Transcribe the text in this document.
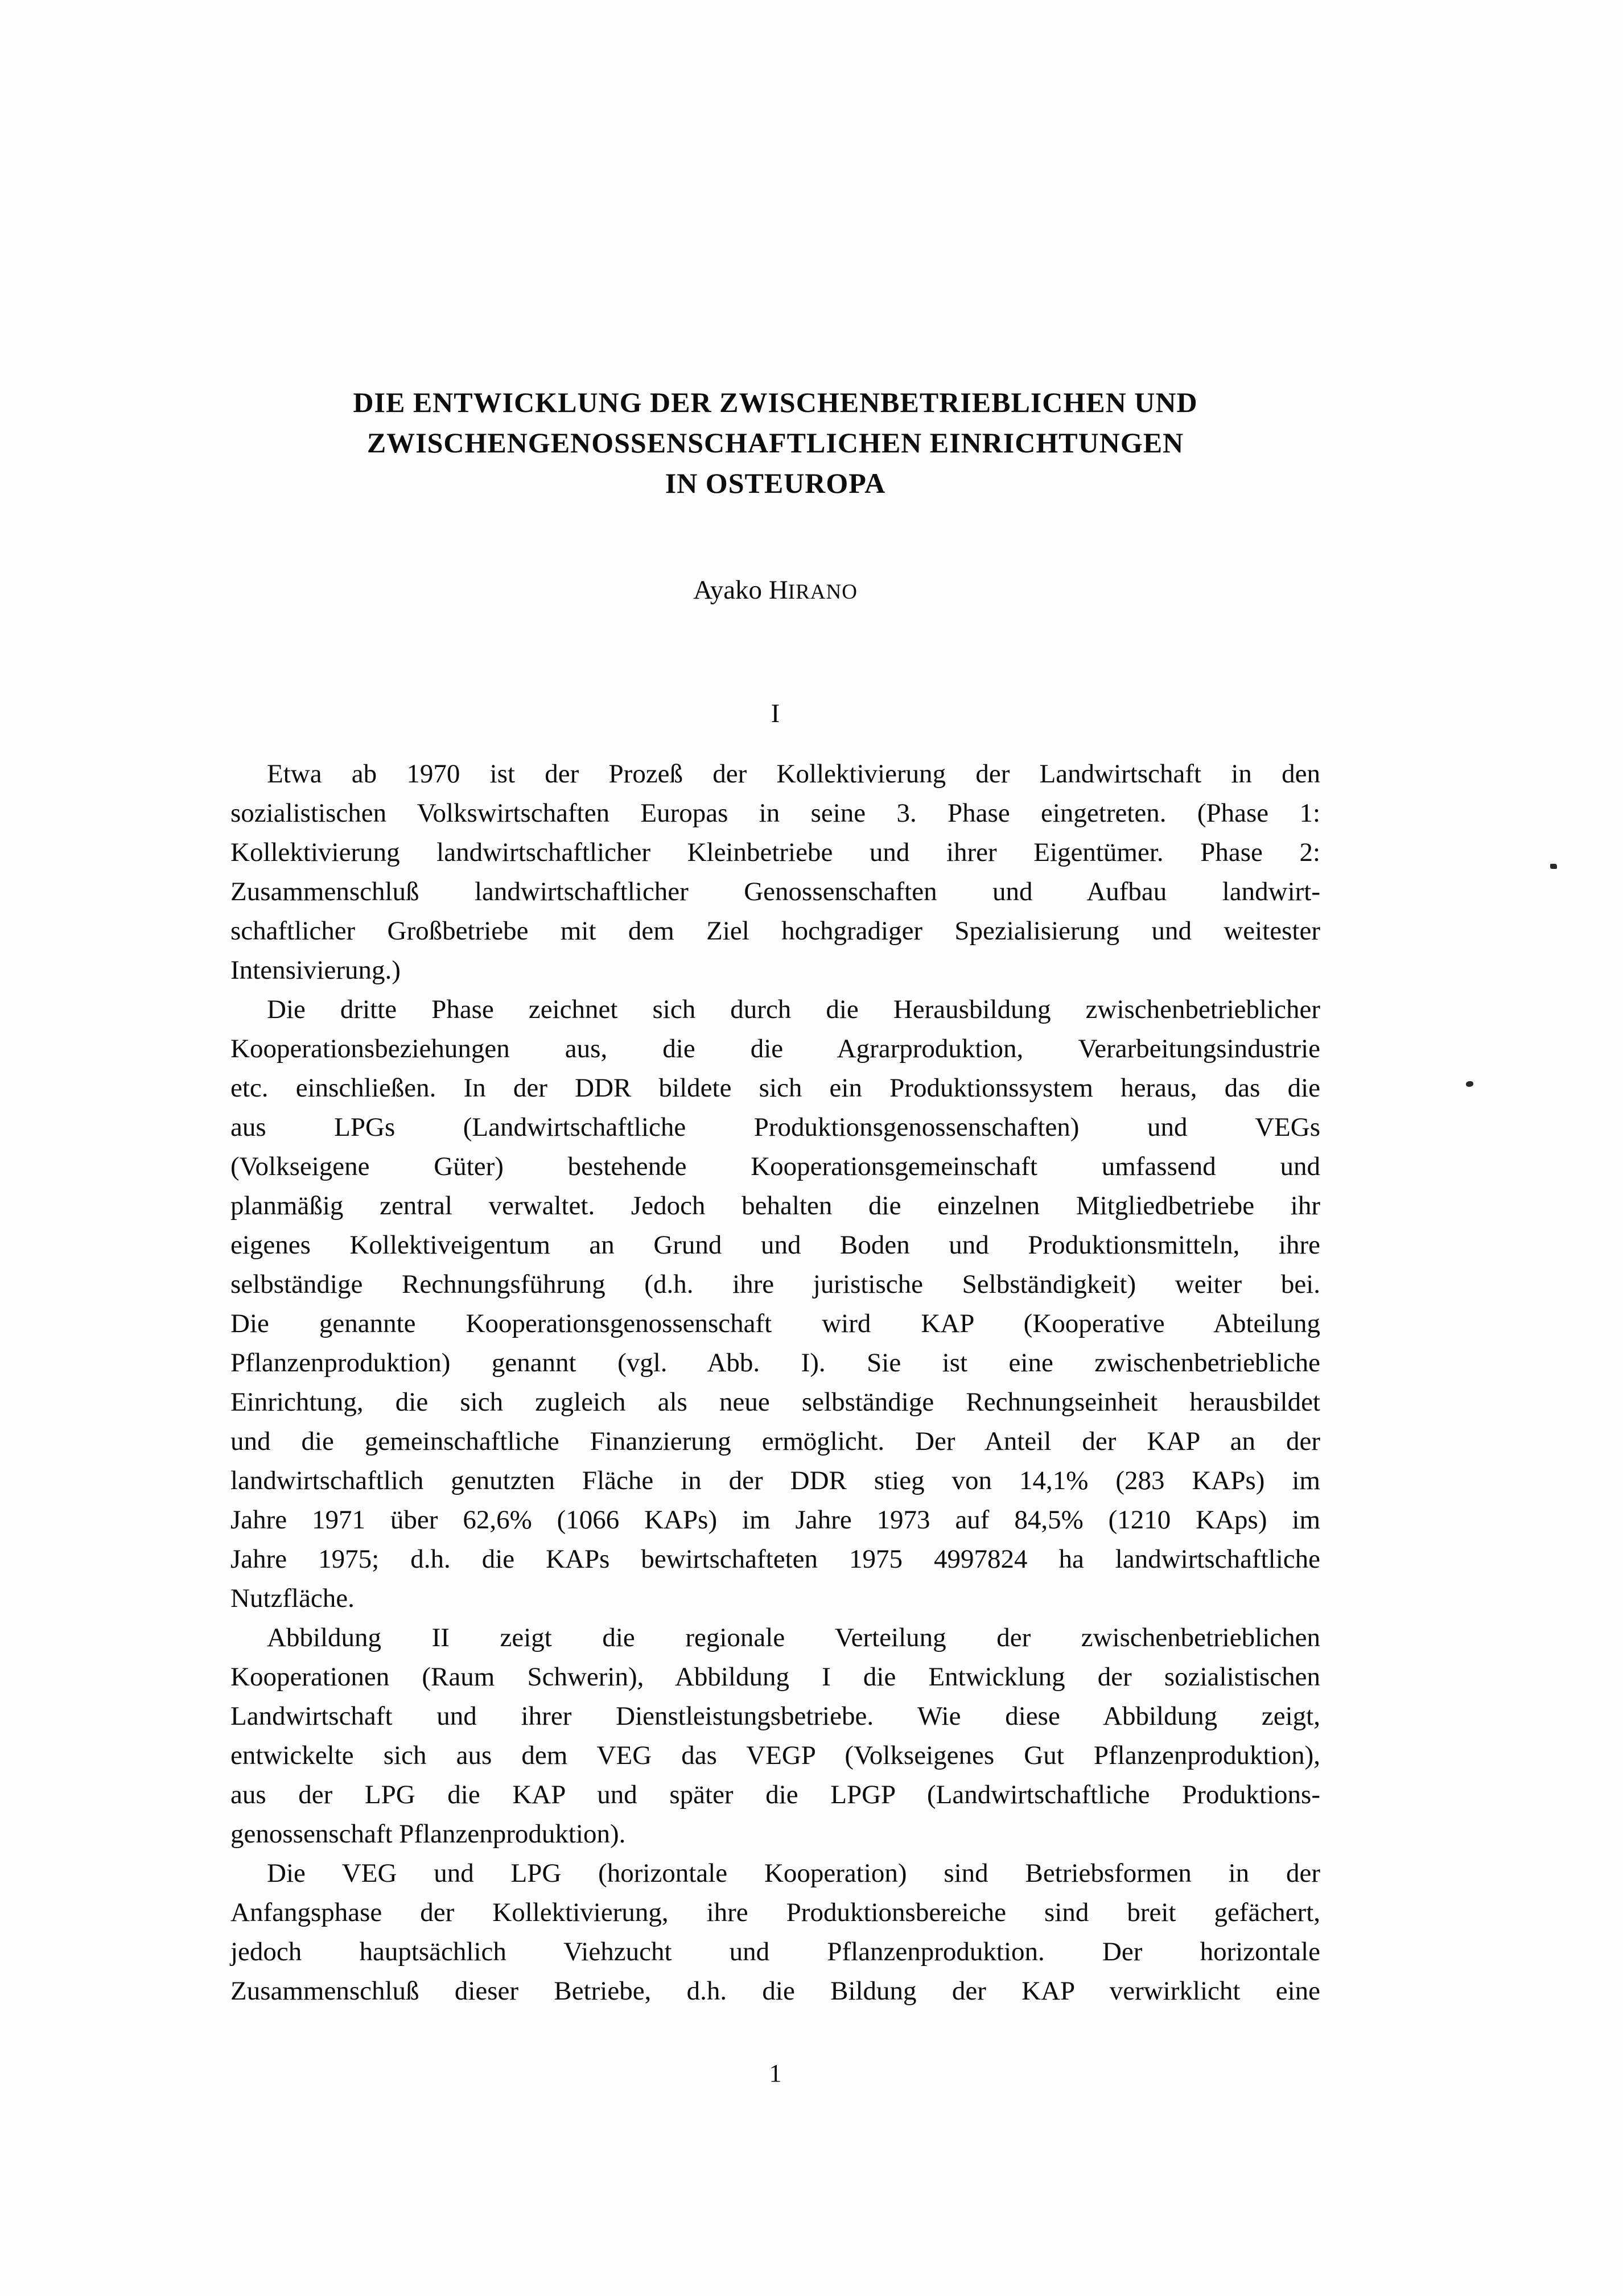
DIE ENTWICKLUNG DER ZWISCHENBETRIEBLICHEN UND
ZWISCHENGENOSSENSCHAFTLICHEN EINRICHTUNGEN
IN OSTEUROPA
Ayako HIRANO
I
Etwa ab 1970 ist der Prozeß der Kollektivierung der Landwirtschaft in den
sozialistischen Volkswirtschaften Europas in seine 3. Phase eingetreten. (Phase 1:
Kollektivierung landwirtschaftlicher Kleinbetriebe und ihrer Eigentümer. Phase 2:
Zusammenschluß landwirtschaftlicher Genossenschaften und Aufbau landwirt-
schaftlicher Großbetriebe mit dem Ziel hochgradiger Spezialisierung und weitester
Intensivierung.)
Die dritte Phase zeichnet sich durch die Herausbildung zwischenbetrieblicher
Kooperationsbeziehungen aus, die die Agrarproduktion, Verarbeitungsindustrie
etc. einschließen. In der DDR bildete sich ein Produktionssystem heraus, das die
aus LPGs (Landwirtschaftliche Produktionsgenossenschaften) und VEGs
(Volkseigene Güter) bestehende Kooperationsgemeinschaft umfassend und
planmäßig zentral verwaltet. Jedoch behalten die einzelnen Mitgliedbetriebe ihr
eigenes Kollektiveigentum an Grund und Boden und Produktionsmitteln, ihre
selbständige Rechnungsführung (d.h. ihre juristische Selbständigkeit) weiter bei.
Die genannte Kooperationsgenossenschaft wird KAP (Kooperative Abteilung
Pflanzenproduktion) genannt (vgl. Abb. I). Sie ist eine zwischenbetriebliche
Einrichtung, die sich zugleich als neue selbständige Rechnungseinheit herausbildet
und die gemeinschaftliche Finanzierung ermöglicht. Der Anteil der KAP an der
landwirtschaftlich genutzten Fläche in der DDR stieg von 14,1% (283 KAPs) im
Jahre 1971 über 62,6% (1066 KAPs) im Jahre 1973 auf 84,5% (1210 KAps) im
Jahre 1975; d.h. die KAPs bewirtschafteten 1975 4997824 ha landwirtschaftliche
Nutzfläche.
Abbildung II zeigt die regionale Verteilung der zwischenbetrieblichen
Kooperationen (Raum Schwerin), Abbildung I die Entwicklung der sozialistischen
Landwirtschaft und ihrer Dienstleistungsbetriebe. Wie diese Abbildung zeigt,
entwickelte sich aus dem VEG das VEGP (Volkseigenes Gut Pflanzenproduktion),
aus der LPG die KAP und später die LPGP (Landwirtschaftliche Produktions-
genossenschaft Pflanzenproduktion).
Die VEG und LPG (horizontale Kooperation) sind Betriebsformen in der
Anfangsphase der Kollektivierung, ihre Produktionsbereiche sind breit gefächert,
jedoch hauptsächlich Viehzucht und Pflanzenproduktion. Der horizontale
Zusammenschluß dieser Betriebe, d.h. die Bildung der KAP verwirklicht eine
1
